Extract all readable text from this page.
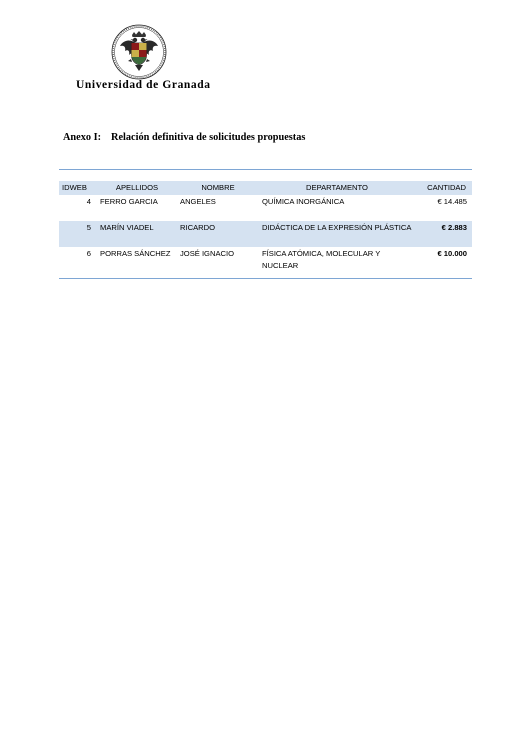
Universidad de Granada
Anexo I: Relación definitiva de solicitudes propuestas
IDWEB	APELLIDOS	NOMBRE	DEPARTAMENTO	CANTIDAD
4	FERRO GARCIA	ANGELES	QUÍMICA INORGÁNICA	€ 14.485
5	MARÍN VIADEL	RICARDO	DIDÁCTICA DE LA EXPRESIÓN PLÁSTICA	€ 2.883
6	PORRAS SÁNCHEZ	JOSÉ IGNACIO	FÍSICA ATÓMICA, MOLECULAR Y NUCLEAR	€ 10.000
